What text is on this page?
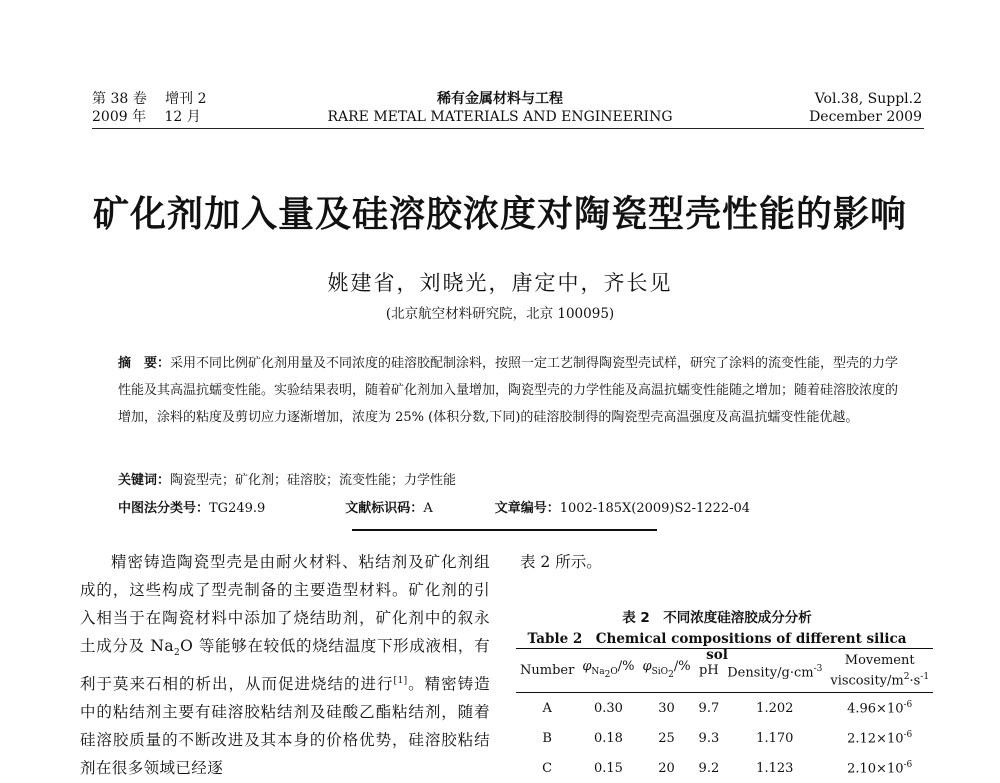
第 38 卷　 增刊 2
2009 年　 12 月
稀有金属材料与工程
RARE METAL MATERIALS AND ENGINEERING
Vol.38, Suppl.2
December 2009
矿化剂加入量及硅溶胶浓度对陶瓷型壳性能的影响
姚建省，刘晓光，唐定中，齐长见
(北京航空材料研究院，北京 100095)
摘　要：采用不同比例矿化剂用量及不同浓度的硅溶胶配制涂料，按照一定工艺制得陶瓷型壳试样，研究了涂料的流变性能，型壳的力学性能及其高温抗蠕变性能。实验结果表明，随着矿化剂加入量增加，陶瓷型壳的力学性能及高温抗蠕变性能随之增加；随着硅溶胶浓度的增加，涂料的粘度及剪切应力逐渐增加，浓度为 25% (体积分数,下同)的硅溶胶制得的陶瓷型壳高温强度及高温抗蠕变性能优越。
关键词：陶瓷型壳；矿化剂；硅溶胶；流变性能；力学性能
中图法分类号：TG249.9	文献标识码：A	文章编号：1002-185X(2009)S2-1222-04
精密铸造陶瓷型壳是由耐火材料、粘结剂及矿化剂组成的，这些构成了型壳制备的主要造型材料。矿化剂的引入相当于在陶瓷材料中添加了烧结助剂，矿化剂中的叙永土成分及 $Na_2O$ 等能够在较低的烧结温度下形成液相，有利于莫来石相的析出，从而促进烧结的进行[1]。精密铸造中的粘结剂主要有硅溶胶粘结剂及硅酸乙酯粘结剂，随着硅溶胶质量的不断改进及其本身的价格优势，硅溶胶粘结剂在很多领域已经逐
表 2 所示。
表 2　不同浓度硅溶胶成分分析
Table 2　Chemical compositions of different silica sol
Number	$\varphi_{Na_2O}/\%$	$\varphi_{SiO_2}/\%$	pH	Density/$g\cdot cm^{-3}$	Movement
viscosity/$m^2\cdot s^{-1}$
A	0.30	30	9.7	1.202	$4.96\times 10^{-6}$
B	0.18	25	9.3	1.170	$2.12\times 10^{-6}$
C	0.15	20	9.2	1.123	$2.10\times 10^{-6}$
